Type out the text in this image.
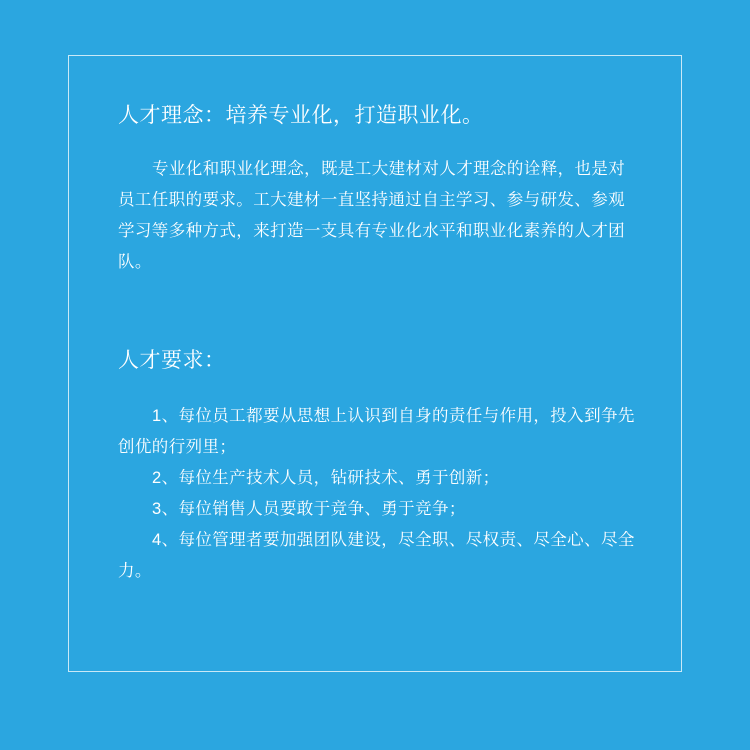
人才理念：培养专业化，打造职业化。

专业化和职业化理念，既是工大建材对人才理念的诠释，也是对员工任职的要求。工大建材一直坚持通过自主学习、参与研发、参观学习等多种方式，来打造一支具有专业化水平和职业化素养的人才团队。

人才要求：
1、每位员工都要从思想上认识到自身的责任与作用，投入到争先创优的行列里；
2、每位生产技术人员，钻研技术、勇于创新；
3、每位销售人员要敢于竞争、勇于竞争；
4、每位管理者要加强团队建设，尽全职、尽权责、尽全心、尽全力。
